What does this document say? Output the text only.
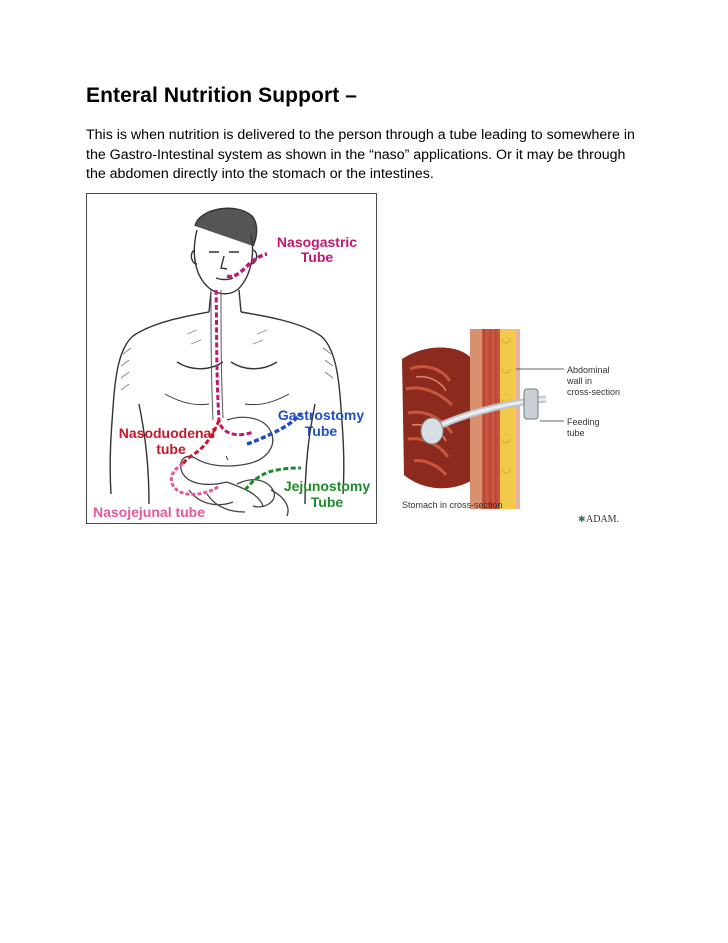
Enteral Nutrition Support –
This is when nutrition is delivered to the person through a tube leading to somewhere in
the Gastro-Intestinal system as shown in the “naso” applications. Or it may be through
the abdomen directly into the stomach or the intestines.
Nasogastric
Tube
Gastrostomy
Tube
Nasoduodenal
tube
Jejunostomy
Tube
Nasojejunal tube
Abdominal
wall in
cross-section
Feeding
tube
Stomach in cross-section
ADAM.
✱
